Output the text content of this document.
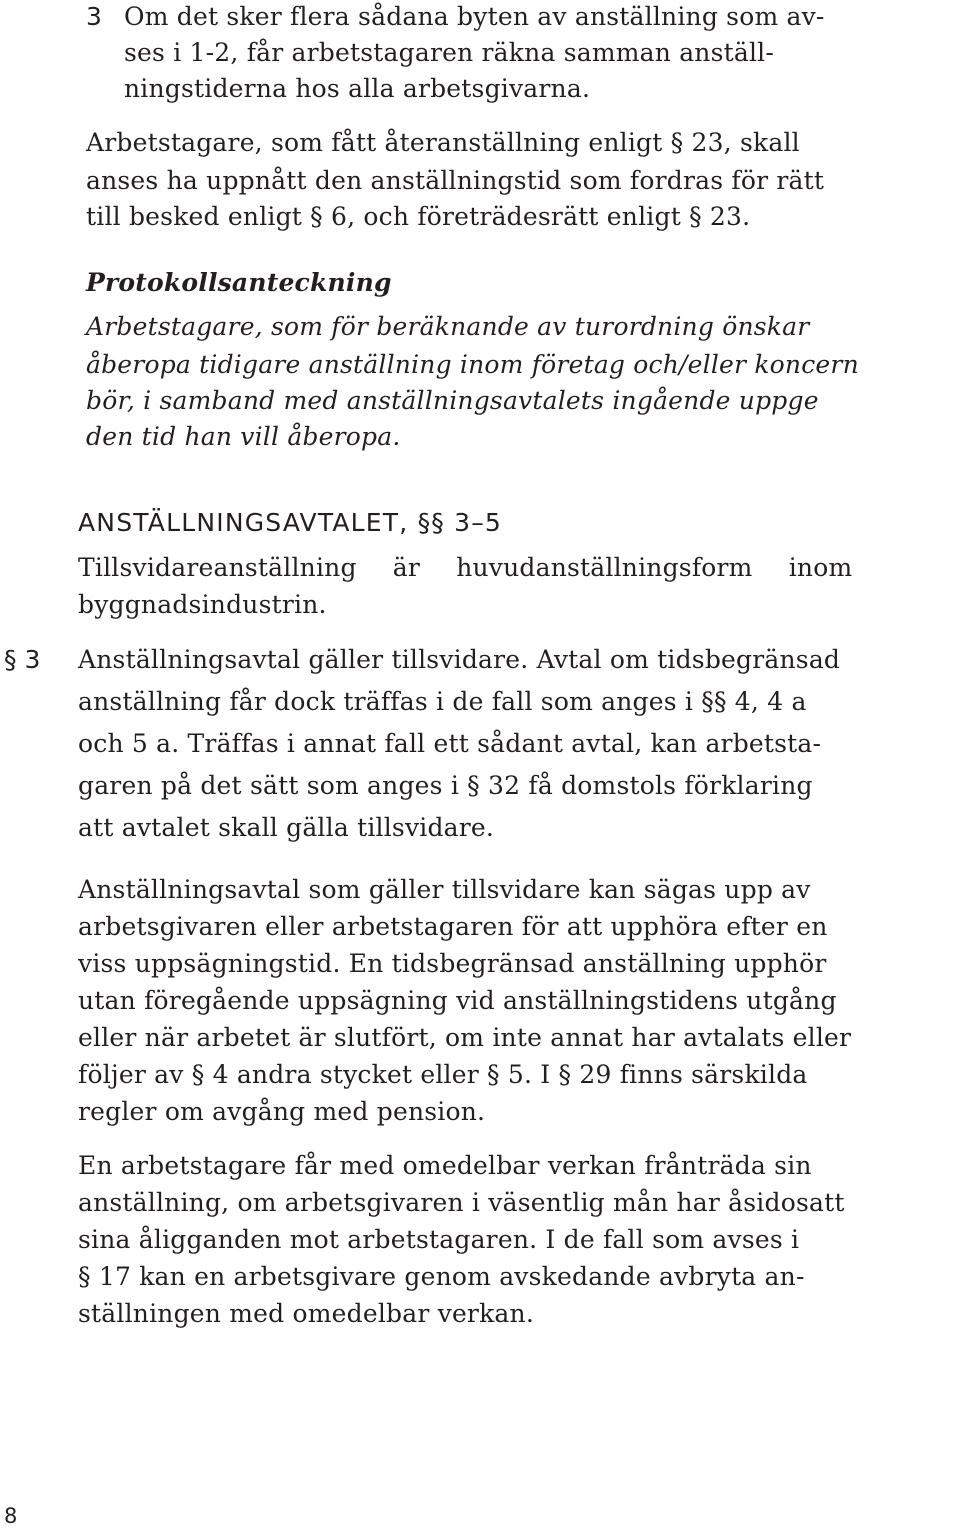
3 Om det sker flera sådana byten av anställning som av-
ses i 1-2, får arbetstagaren räkna samman anställ-
ningstiderna hos alla arbetsgivarna.
Arbetstagare, som fått återanställning enligt § 23, skall
anses ha uppnått den anställningstid som fordras för rätt
till besked enligt § 6, och företrädesrätt enligt § 23.
Protokollsanteckning
Arbetstagare, som för beräknande av turordning önskar
åberopa tidigare anställning inom företag och/eller koncern
bör, i samband med anställningsavtalets ingående uppge
den tid han vill åberopa.
ANSTÄLLNINGSAVTALET, §§ 3–5
Tillsvidareanställning är huvudanställningsform inom
byggnadsindustrin.
§ 3 Anställningsavtal gäller tillsvidare. Avtal om tidsbegränsad
anställning får dock träffas i de fall som anges i §§ 4, 4 a
och 5 a. Träffas i annat fall ett sådant avtal, kan arbetsta-
garen på det sätt som anges i § 32 få domstols förklaring
att avtalet skall gälla tillsvidare.
Anställningsavtal som gäller tillsvidare kan sägas upp av
arbetsgivaren eller arbetstagaren för att upphöra efter en
viss uppsägningstid. En tidsbegränsad anställning upphör
utan föregående uppsägning vid anställningstidens utgång
eller när arbetet är slutfört, om inte annat har avtalats eller
följer av § 4 andra stycket eller § 5. I § 29 finns särskilda
regler om avgång med pension.
En arbetstagare får med omedelbar verkan frånträda sin
anställning, om arbetsgivaren i väsentlig mån har åsidosatt
sina åligganden mot arbetstagaren. I de fall som avses i
§ 17 kan en arbetsgivare genom avskedande avbryta an-
ställningen med omedelbar verkan.
8
